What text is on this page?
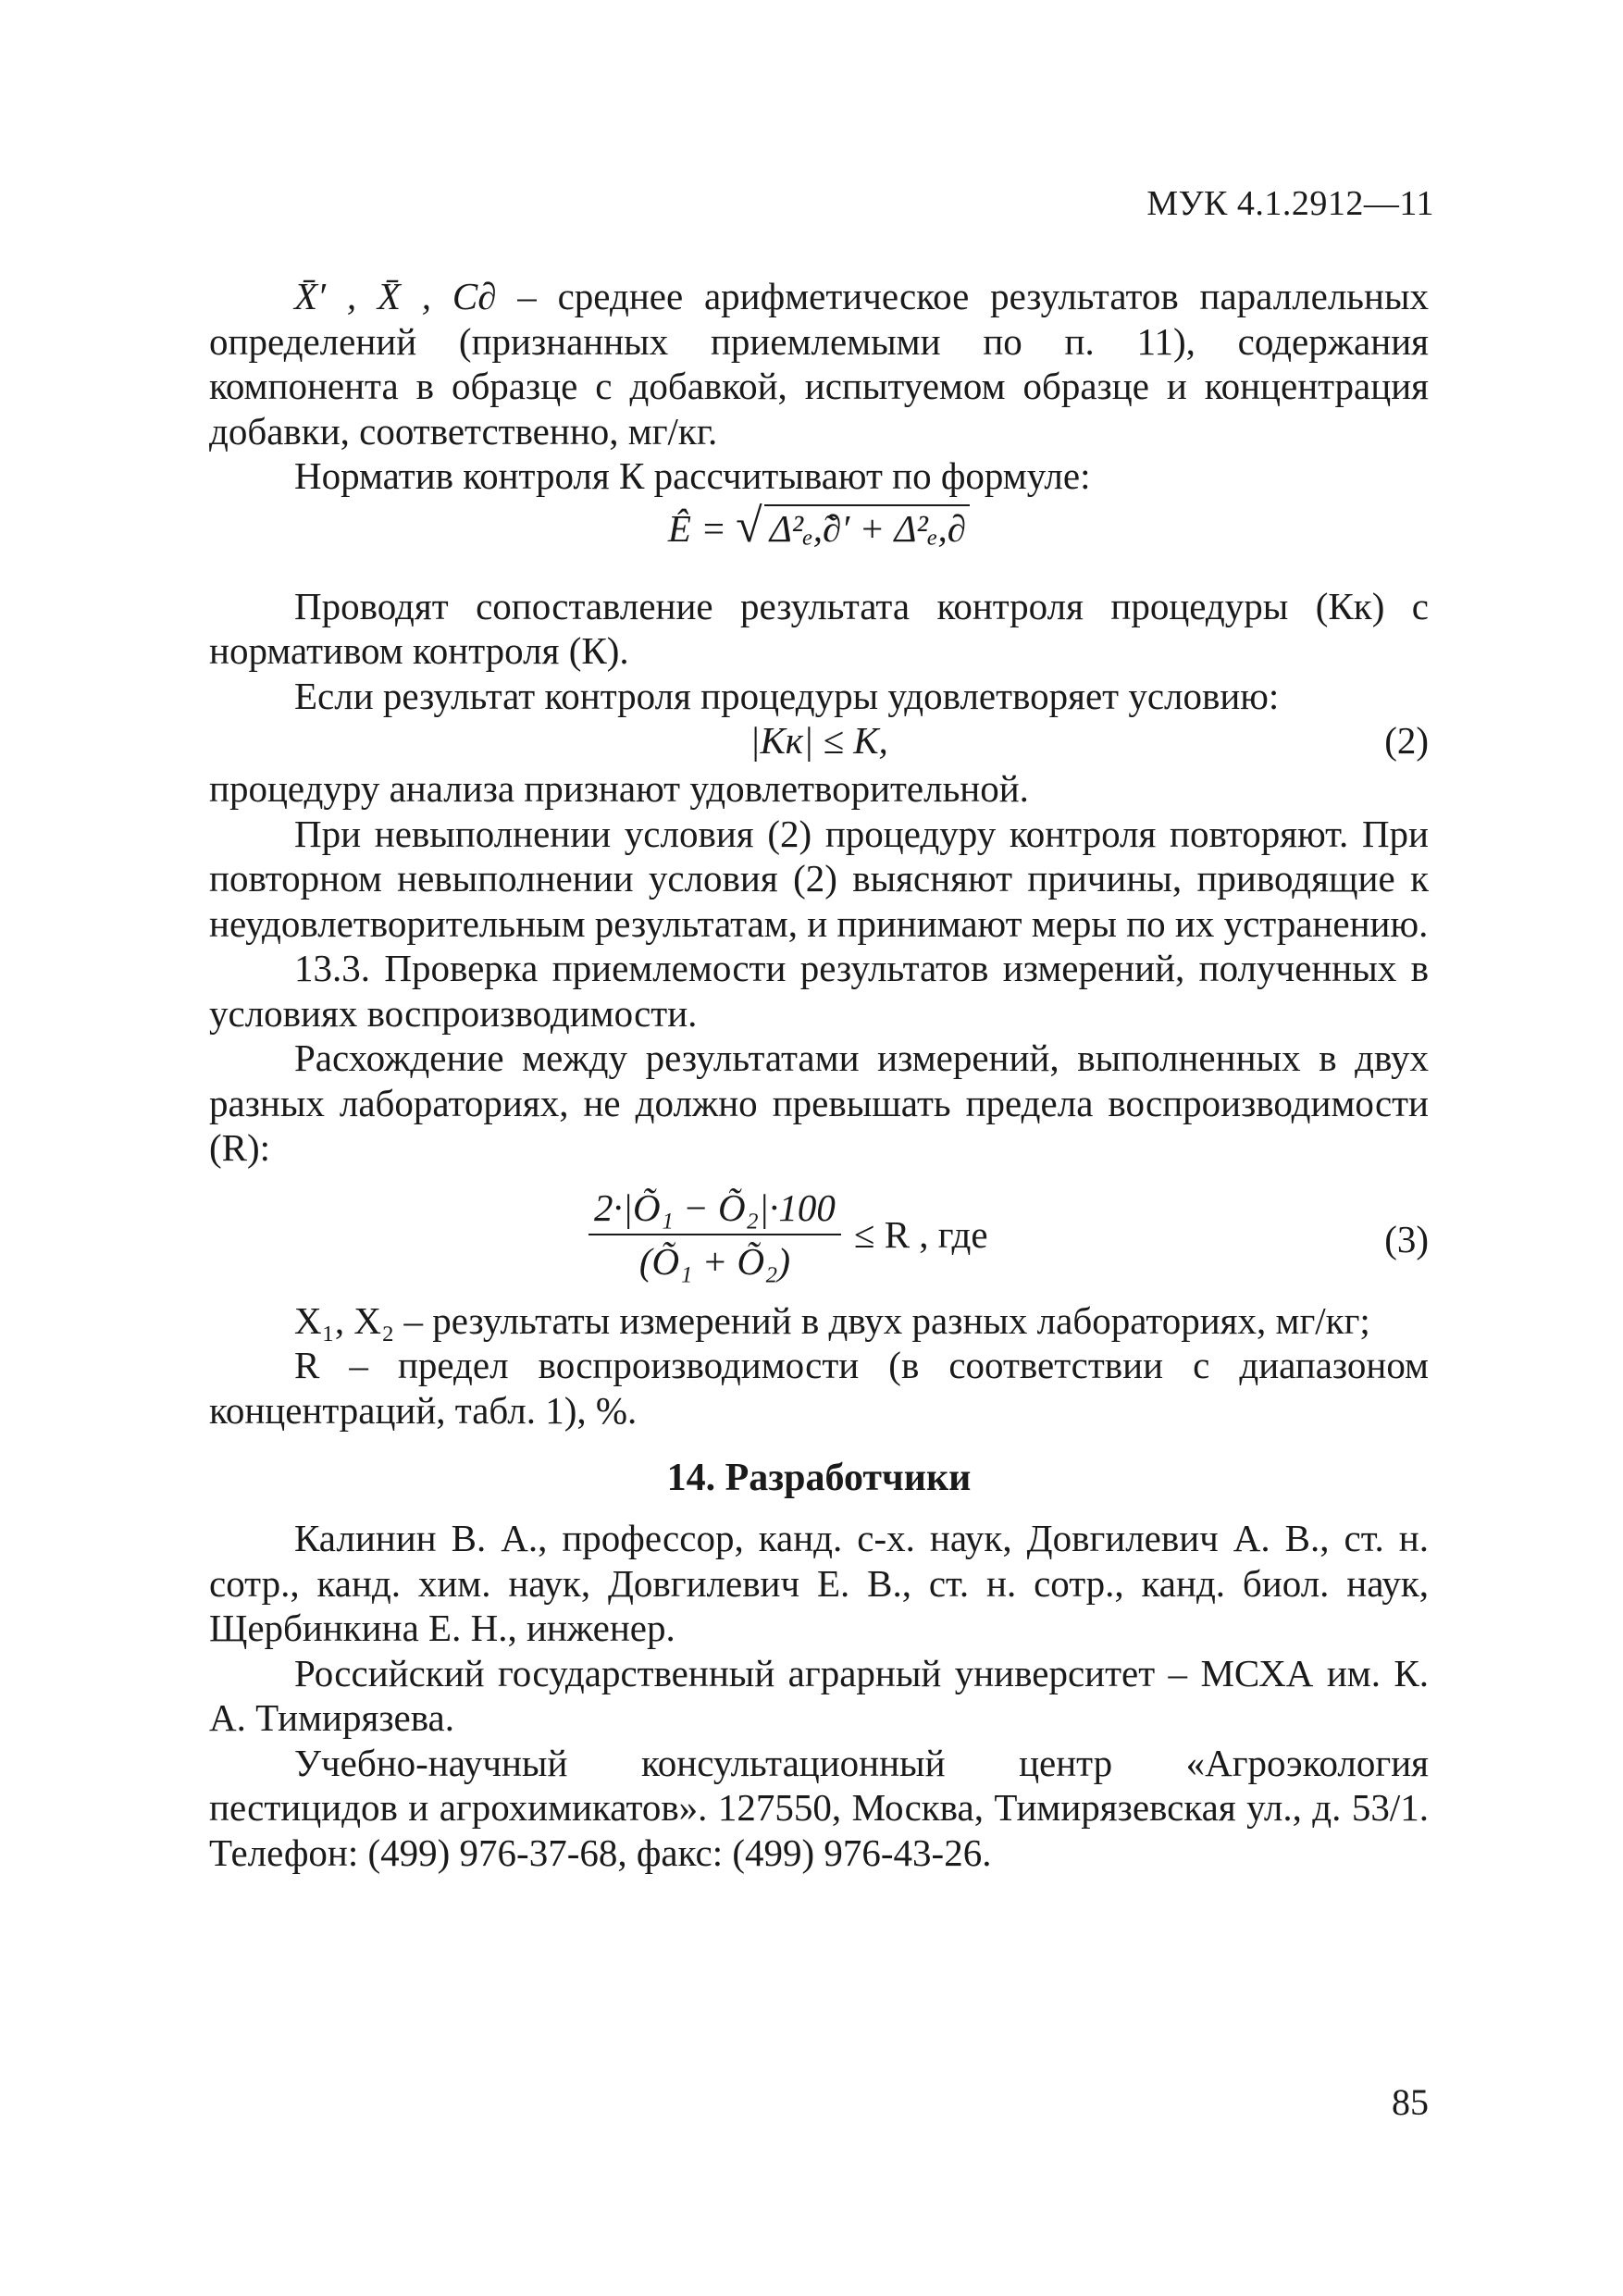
МУК 4.1.2912—11

X̄′ , X̄ , C∂ – среднее арифметическое результатов параллельных определений (признанных приемлемыми по п. 11), содержания компонента в образце с добавкой, испытуемом образце и концентрация добавки, соответственно, мг/кг.

Норматив контроля К рассчитывают по формуле:

Ê = √ Δ²ₑ,̃∂′ + Δ²ₑ,∂

Проводят сопоставление результата контроля процедуры (Кк) с нормативом контроля (К).

Если результат контроля процедуры удовлетворяет условию:

|Кк| ≤ К,	(2)

процедуру анализа признают удовлетворительной.

При невыполнении условия (2) процедуру контроля повторяют. При повторном невыполнении условия (2) выясняют причины, приводящие к неудовлетворительным результатам, и принимают меры по их устранению.

13.3. Проверка приемлемости результатов измерений, полученных в условиях воспроизводимости.

Расхождение между результатами измерений, выполненных в двух разных лабораториях, не должно превышать предела воспроизводимости (R):

$\frac{\text{2·|Õ₁ − Õ₂|·100}}{\text{(Õ₁ + Õ₂)}} \le R$ , где	(3)

X₁, X₂ – результаты измерений в двух разных лабораториях, мг/кг;

R – предел воспроизводимости (в соответствии с диапазоном концентраций, табл. 1), %.

14. Разработчики

Калинин В. А., профессор, канд. с-х. наук, Довгилевич А. В., ст. н. сотр., канд. хим. наук, Довгилевич Е. В., ст. н. сотр., канд. биол. наук, Щербинкина Е. Н., инженер.

Российский государственный аграрный университет – МСХА им. К. А. Тимирязева.

Учебно-научный консультационный центр «Агроэкология пестицидов и агрохимикатов». 127550, Москва, Тимирязевская ул., д. 53/1. Телефон: (499) 976-37-68, факс: (499) 976-43-26.

85
